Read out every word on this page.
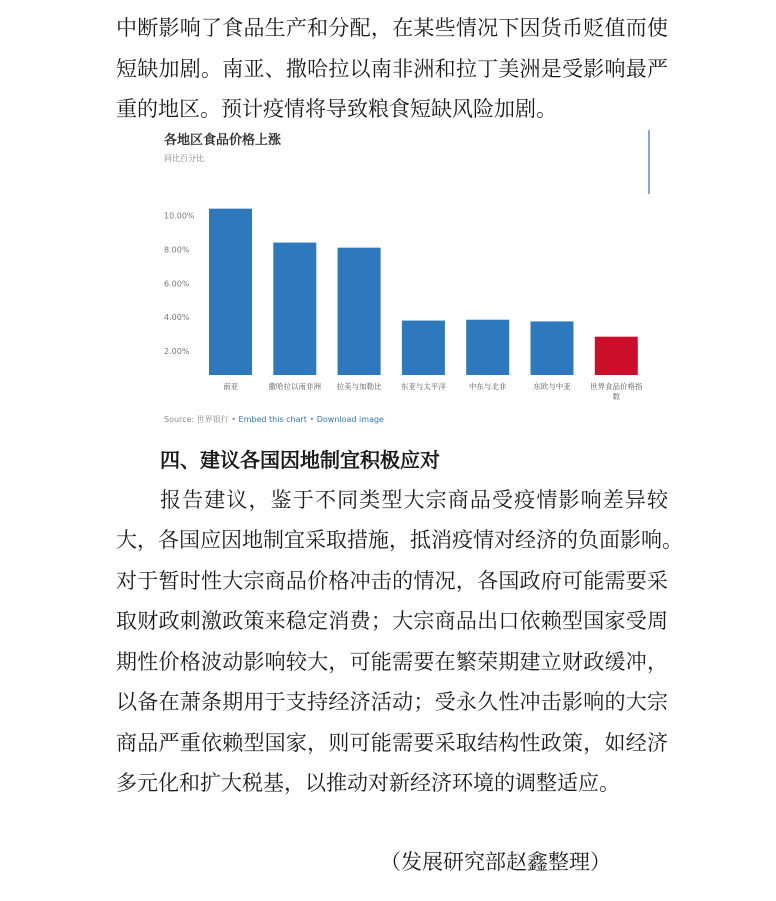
中断影响了食品生产和分配，在某些情况下因货币贬值而使
短缺加剧。南亚、撒哈拉以南非洲和拉丁美洲是受影响最严
重的地区。预计疫情将导致粮食短缺风险加剧。
各地区食品价格上涨
同比百分比
2.00%
4.00%
6.00%
8.00%
10.00%
南亚	撒哈拉以南非洲 拉美与加勒比	东亚与太平洋	中东与北非	东欧与中亚	世界食品价格指数
Source: 世界银行 • Embed this chart • Download image
四、建议各国因地制宜积极应对
报告建议，鉴于不同类型大宗商品受疫情影响差异较
大，各国应因地制宜采取措施，抵消疫情对经济的负面影响。
对于暂时性大宗商品价格冲击的情况，各国政府可能需要采
取财政刺激政策来稳定消费；大宗商品出口依赖型国家受周
期性价格波动影响较大，可能需要在繁荣期建立财政缓冲，
以备在萧条期用于支持经济活动；受永久性冲击影响的大宗
商品严重依赖型国家，则可能需要采取结构性政策，如经济
多元化和扩大税基，以推动对新经济环境的调整适应。
（发展研究部赵鑫整理）
